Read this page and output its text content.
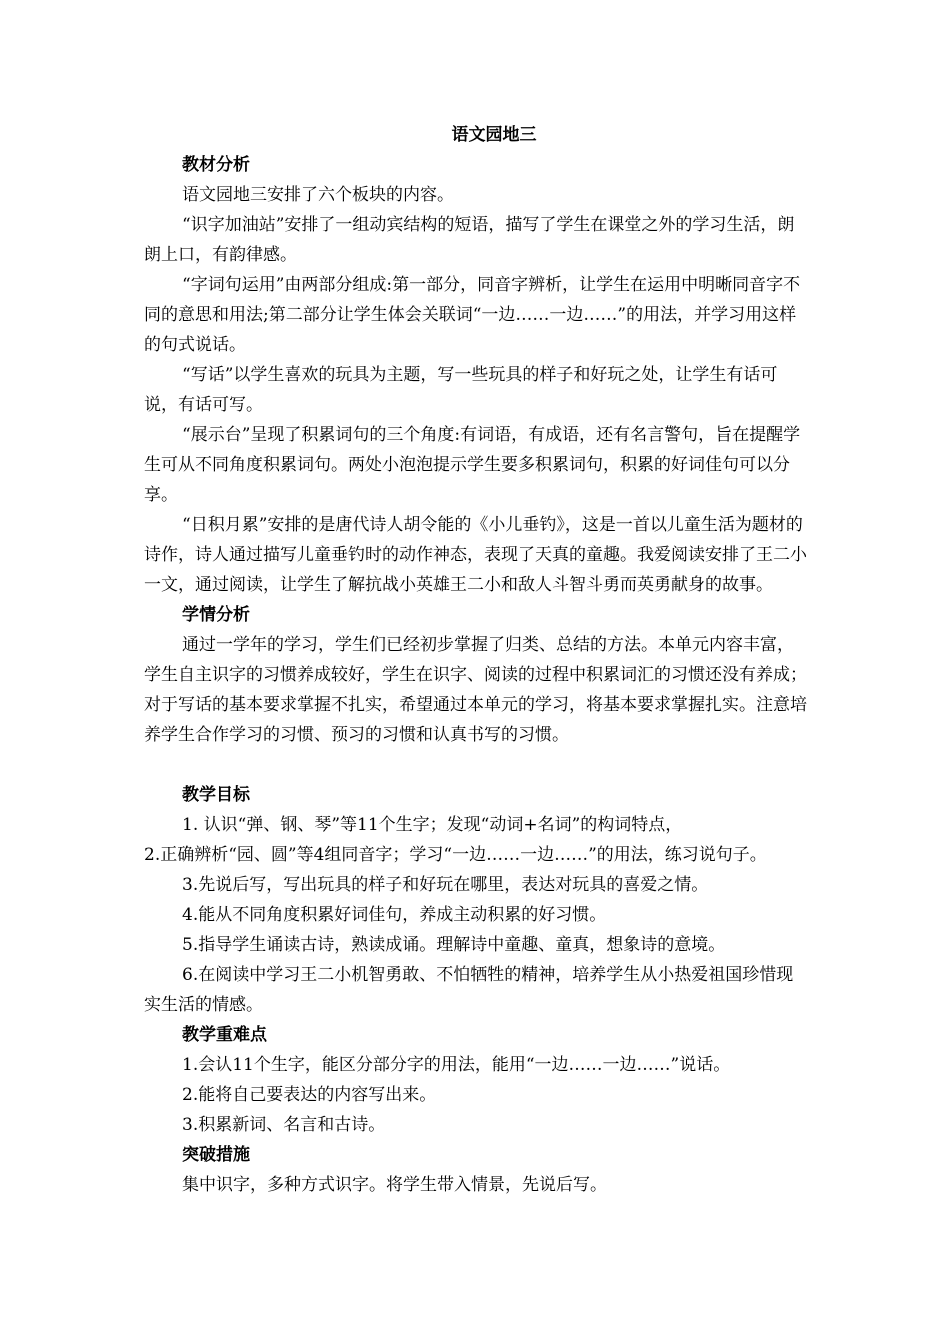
语文园地三
教材分析

语文园地三安排了六个板块的内容。

“识字加油站”安排了一组动宾结构的短语，描写了学生在课堂之外的学习生活，朗朗上口，有韵律感。

“字词句运用”由两部分组成:第一部分，同音字辨析，让学生在运用中明晰同音字不同的意思和用法;第二部分让学生体会关联词“一边……一边……”的用法，并学习用这样的句式说话。

“写话”以学生喜欢的玩具为主题，写一些玩具的样子和好玩之处，让学生有话可说，有话可写。

“展示台”呈现了积累词句的三个角度:有词语，有成语，还有名言警句，旨在提醒学生可从不同角度积累词句。两处小泡泡提示学生要多积累词句，积累的好词佳句可以分享。

“日积月累”安排的是唐代诗人胡令能的《小儿垂钓》，这是一首以儿童生活为题材的诗作，诗人通过描写儿童垂钓时的动作神态，表现了天真的童趣。我爱阅读安排了王二小一文，通过阅读，让学生了解抗战小英雄王二小和敌人斗智斗勇而英勇献身的故事。

学情分析

通过一学年的学习，学生们已经初步掌握了归类、总结的方法。本单元内容丰富，学生自主识字的习惯养成较好，学生在识字、阅读的过程中积累词汇的习惯还没有养成；对于写话的基本要求掌握不扎实，希望通过本单元的学习，将基本要求掌握扎实。注意培养学生合作学习的习惯、预习的习惯和认真书写的习惯。

教学目标

1. 认识“弹、钢、琴”等11个生字；发现“动词+名词”的构词特点，

2.正确辨析“园、圆”等4组同音字；学习“一边……一边……”的用法，练习说句子。

3.先说后写，写出玩具的样子和好玩在哪里，表达对玩具的喜爱之情。

4.能从不同角度积累好词佳句，养成主动积累的好习惯。

5.指导学生诵读古诗，熟读成诵。理解诗中童趣、童真，想象诗的意境。

6.在阅读中学习王二小机智勇敢、不怕牺牲的精神，培养学生从小热爱祖国珍惜现实生活的情感。

教学重难点

1.会认11个生字，能区分部分字的用法，能用“一边……一边……”说话。

2.能将自己要表达的内容写出来。

3.积累新词、名言和古诗。

突破措施

集中识字，多种方式识字。将学生带入情景，先说后写。
